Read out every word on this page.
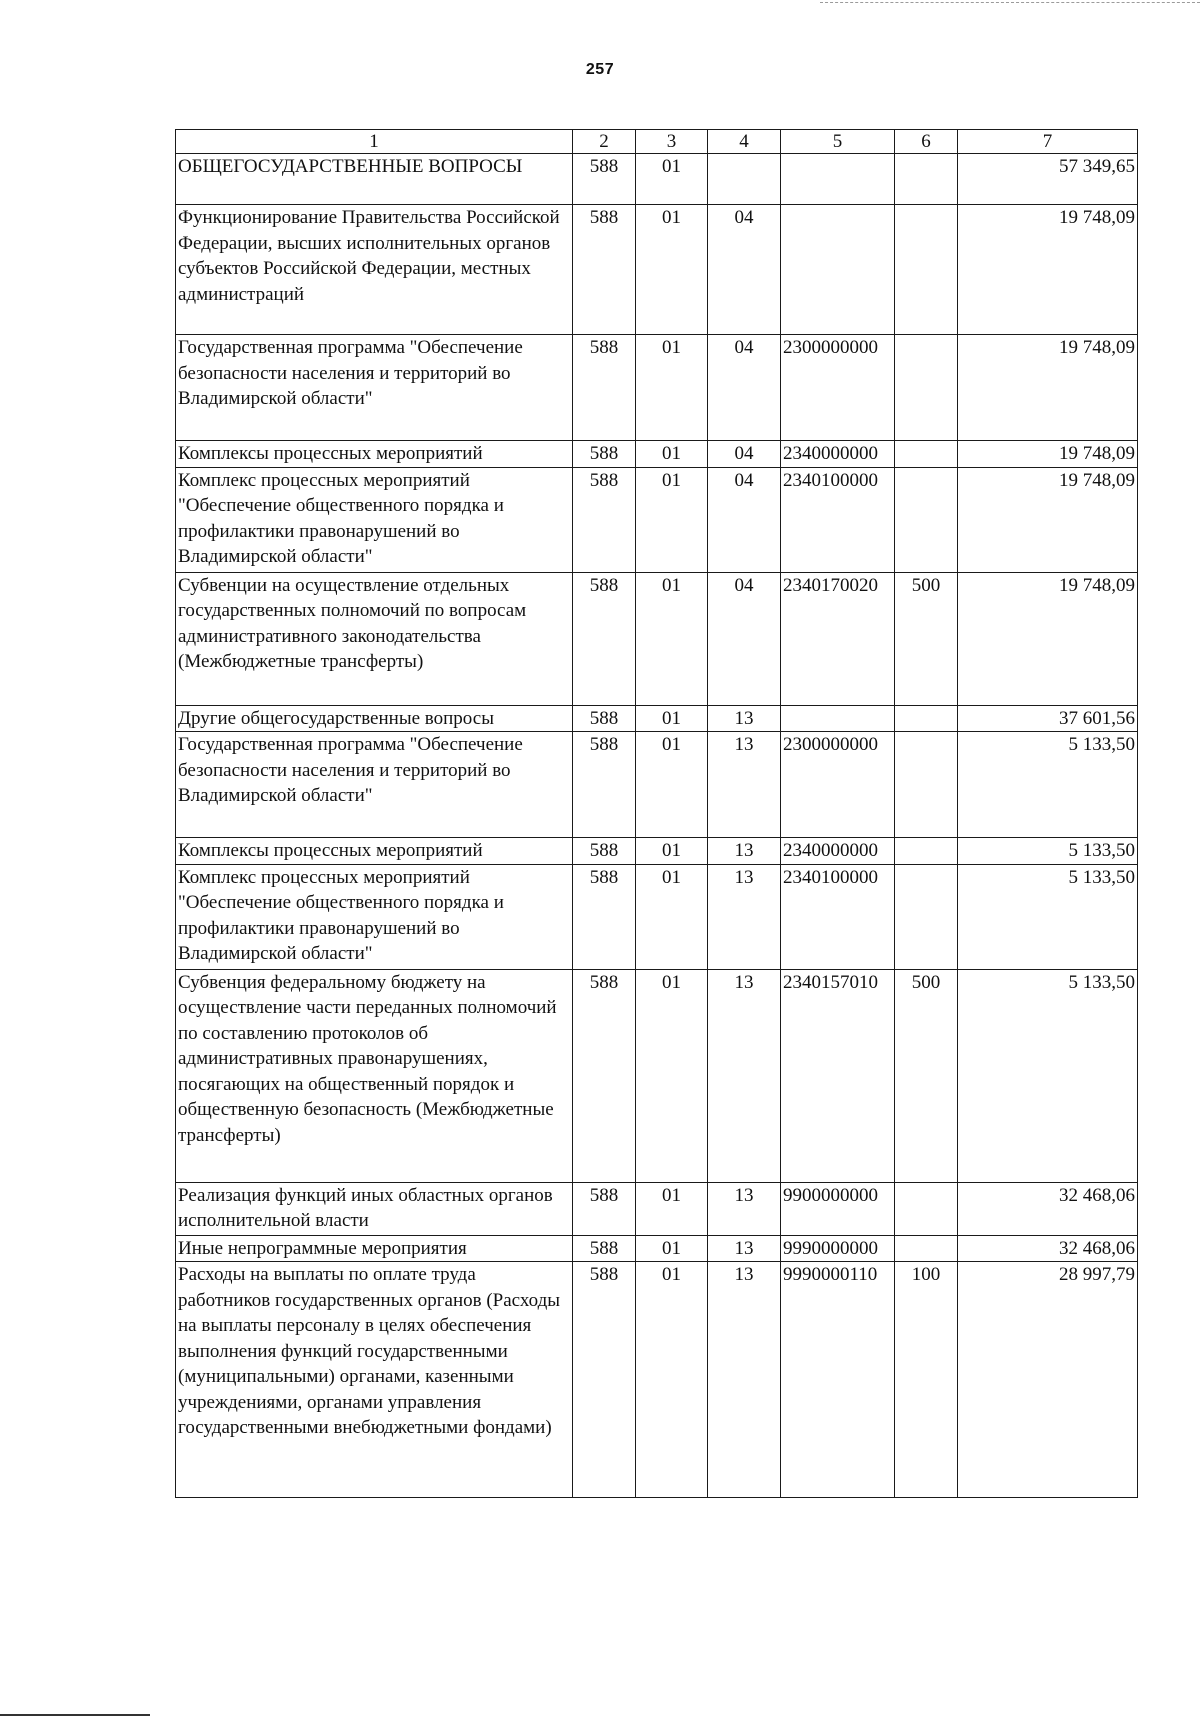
257
1	2	3	4	5	6	7
ОБЩЕГОСУДАРСТВЕННЫЕ ВОПРОСЫ	588	01				57 349,65
Функционирование Правительства Российской Федерации, высших исполнительных органов субъектов Российской Федерации, местных администраций	588	01	04			19 748,09
Государственная программа "Обеспечение безопасности населения и территорий во Владимирской области"	588	01	04	2300000000		19 748,09
Комплексы процессных мероприятий	588	01	04	2340000000		19 748,09
Комплекс процессных мероприятий "Обеспечение общественного порядка и профилактики правонарушений во Владимирской области"	588	01	04	2340100000		19 748,09
Субвенции на осуществление отдельных государственных полномочий по вопросам административного законодательства (Межбюджетные трансферты)	588	01	04	2340170020	500	19 748,09
Другие общегосударственные вопросы	588	01	13			37 601,56
Государственная программа "Обеспечение безопасности населения и территорий во Владимирской области"	588	01	13	2300000000		5 133,50
Комплексы процессных мероприятий	588	01	13	2340000000		5 133,50
Комплекс процессных мероприятий "Обеспечение общественного порядка и профилактики правонарушений во Владимирской области"	588	01	13	2340100000		5 133,50
Субвенция федеральному бюджету на осуществление части переданных полномочий по составлению протоколов об административных правонарушениях, посягающих на общественный порядок и общественную безопасность (Межбюджетные трансферты)	588	01	13	2340157010	500	5 133,50
Реализация функций иных областных органов исполнительной власти	588	01	13	9900000000		32 468,06
Иные непрограммные мероприятия	588	01	13	9990000000		32 468,06
Расходы на выплаты по оплате труда работников государственных органов (Расходы на выплаты персоналу в целях обеспечения выполнения функций государственными (муниципальными) органами, казенными учреждениями, органами управления государственными внебюджетными фондами)	588	01	13	9990000110	100	28 997,79
